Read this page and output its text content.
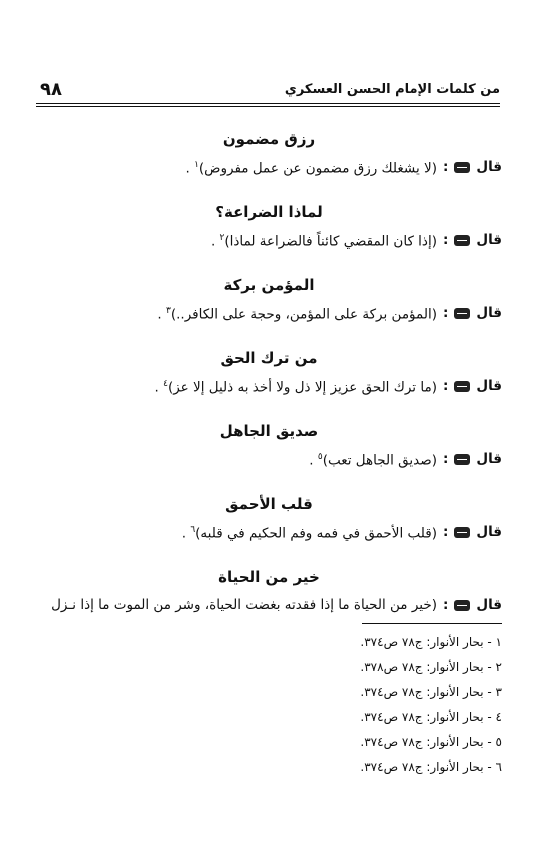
من كلمات الإمام الحسن العسكري
٩٨
رزق مضمون
قال
:
(لا يشغلك رزق مضمون عن عمل مفروض)$^١$ .
لماذا الضراعة؟
قال
:
(إذا كان المقضي كائناً فالضراعة لماذا)$^٢$ .
المؤمن بركة
قال
:
(المؤمن بركة على المؤمن، وحجة على الكافر..)$^٣$ .
من ترك الحق
قال
:
(ما ترك الحق عزيز إلا ذل ولا أخذ به ذليل إلا عز)$^٤$ .
صديق الجاهل
قال
:
(صديق الجاهل تعب)$^٥$ .
قلب الأحمق
قال
:
(قلب الأحمق في فمه وفم الحكيم في قلبه)$^٦$ .
خير من الحياة
قال
:
(خير من الحياة ما إذا فقدته بغضت الحياة، وشر من الموت ما إذا نـزل
١ - بحار الأنوار: ج٧٨ ص٣٧٤.
٢ - بحار الأنوار: ج٧٨ ص٣٧٨.
٣ - بحار الأنوار: ج٧٨ ص٣٧٤.
٤ - بحار الأنوار: ج٧٨ ص٣٧٤.
٥ - بحار الأنوار: ج٧٨ ص٣٧٤.
٦ - بحار الأنوار: ج٧٨ ص٣٧٤.
